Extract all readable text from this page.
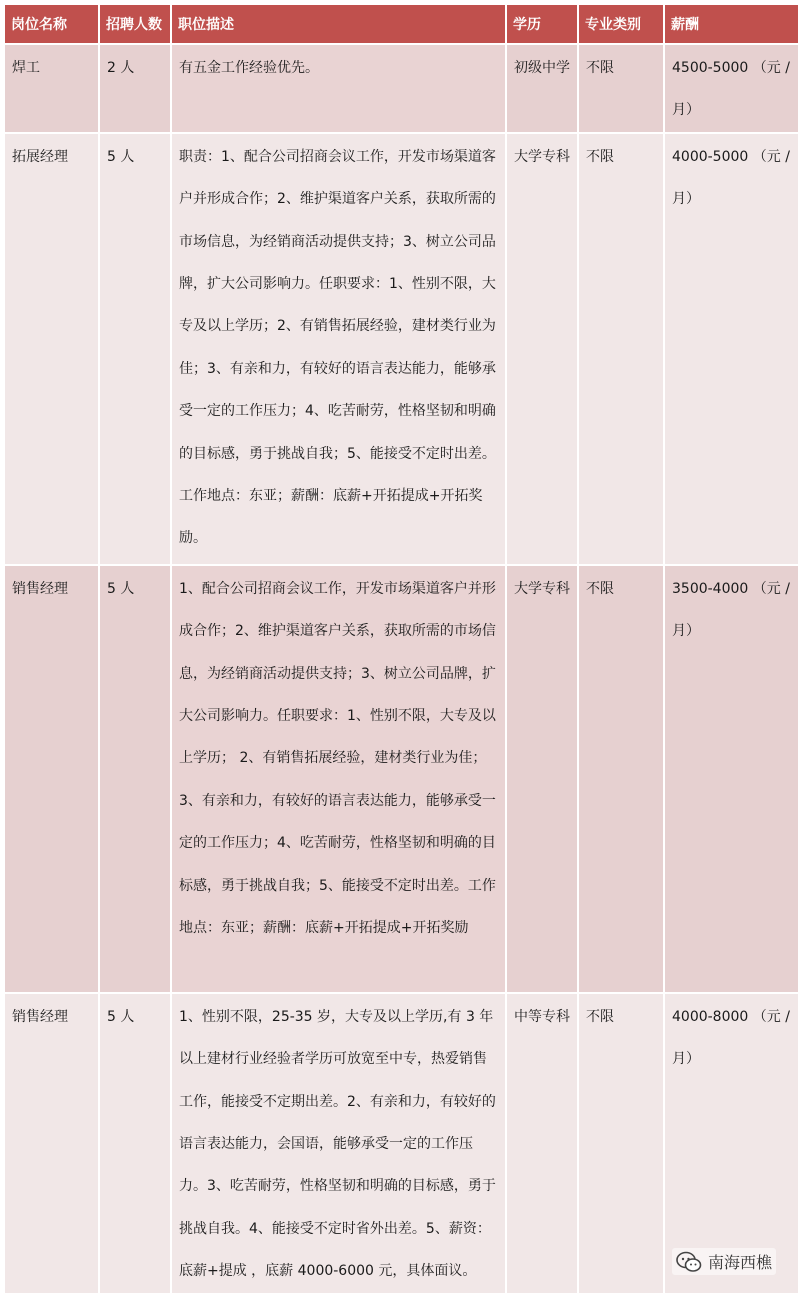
岗位名称	招聘人数	职位描述	学历	专业类别	薪酬

焊工	2 人	有五金工作经验优先。	初级中学	不限	4500-5000 （元 / 月）

拓展经理	5 人	职责：1、配合公司招商会议工作，开发市场渠道客户并形成合作；2、维护渠道客户关系，获取所需的市场信息，为经销商活动提供支持；3、树立公司品牌，扩大公司影响力。任职要求：1、性别不限，大专及以上学历；2、有销售拓展经验，建材类行业为佳；3、有亲和力，有较好的语言表达能力，能够承受一定的工作压力；4、吃苦耐劳，性格坚韧和明确的目标感，勇于挑战自我；5、能接受不定时出差。工作地点：东亚；薪酬：底薪+开拓提成+开拓奖励。	大学专科	不限	4000-5000 （元 / 月）

销售经理	5 人	1、配合公司招商会议工作，开发市场渠道客户并形成合作；2、维护渠道客户关系，获取所需的市场信息，为经销商活动提供支持；3、树立公司品牌，扩大公司影响力。任职要求：1、性别不限，大专及以上学历； 2、有销售拓展经验，建材类行业为佳；3、有亲和力，有较好的语言表达能力，能够承受一定的工作压力；4、吃苦耐劳，性格坚韧和明确的目标感，勇于挑战自我；5、能接受不定时出差。工作地点：东亚；薪酬：底薪+开拓提成+开拓奖励	大学专科	不限	3500-4000 （元 / 月）

销售经理	5 人	1、性别不限，25-35 岁，大专及以上学历,有 3 年以上建材行业经验者学历可放宽至中专，热爱销售工作，能接受不定期出差。2、有亲和力，有较好的语言表达能力，会国语，能够承受一定的工作压力。3、吃苦耐劳，性格坚韧和明确的目标感，勇于挑战自我。4、能接受不定时省外出差。5、薪资：底薪+提成 ，底薪 4000-6000 元，具体面议。	中等专科	不限	4000-8000 （元 / 月）
南海西樵
